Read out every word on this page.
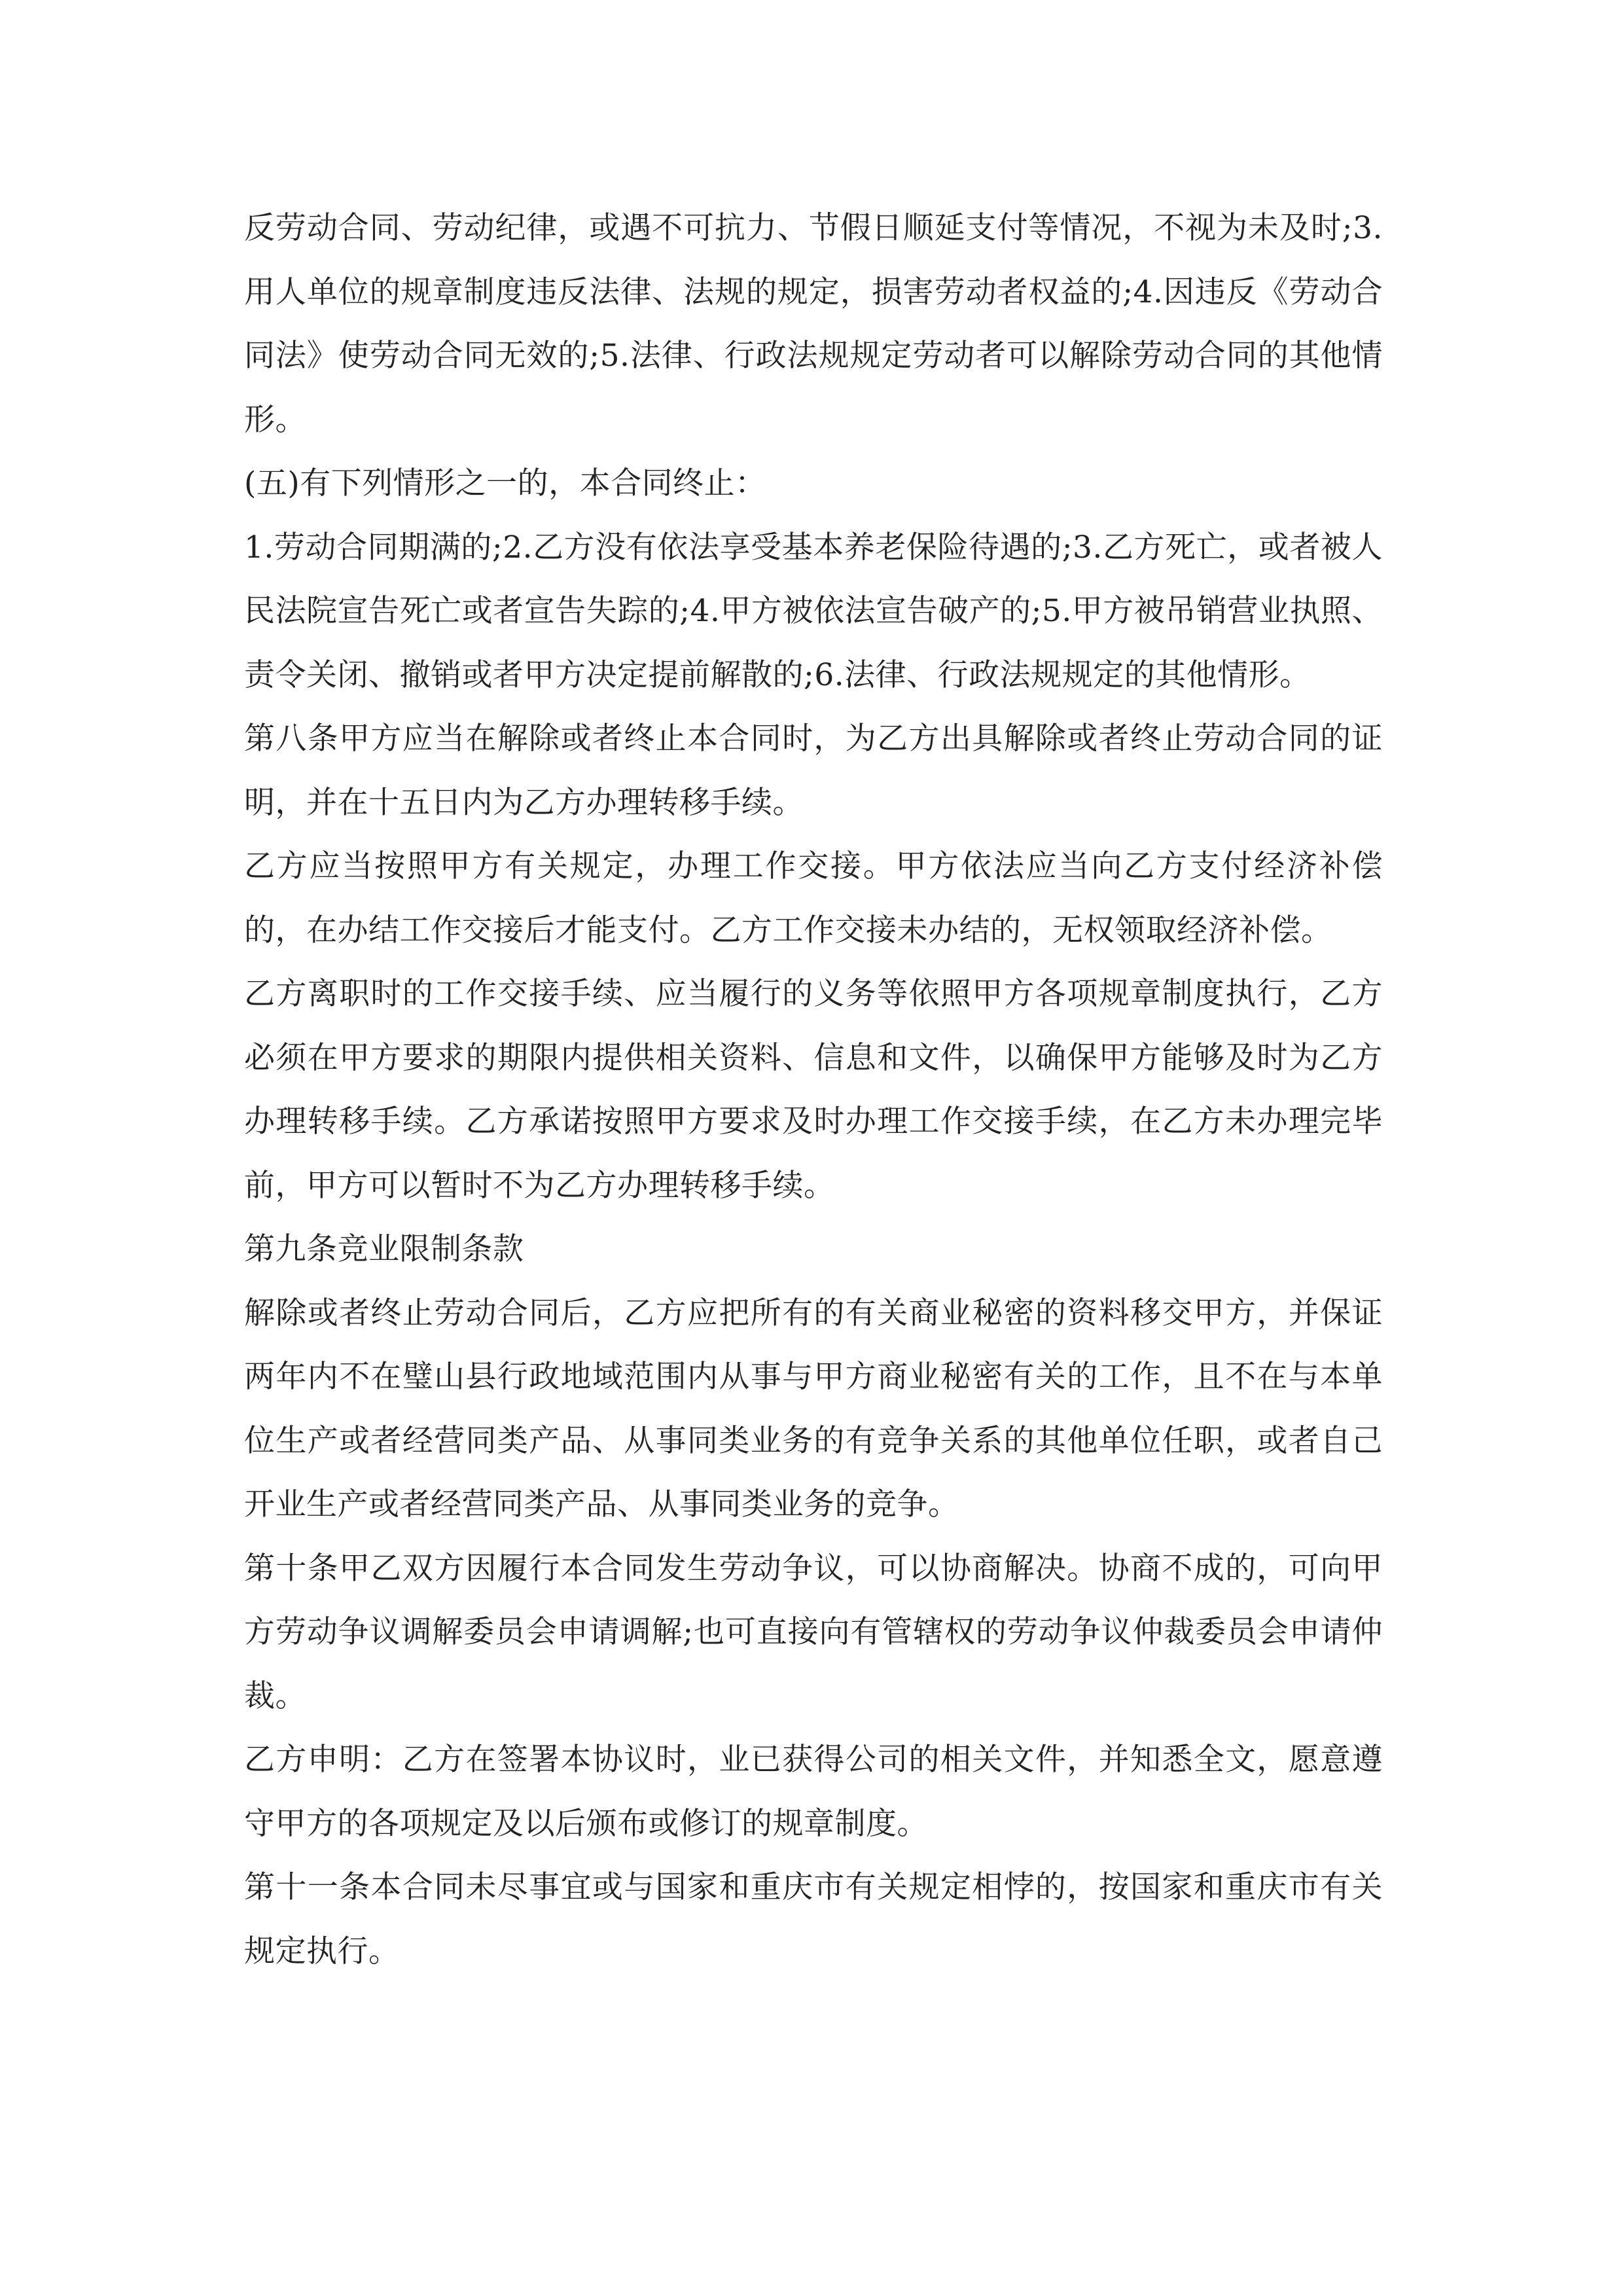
反劳动合同、劳动纪律，或遇不可抗力、节假日顺延支付等情况，不视为未及时;3.用人单位的规章制度违反法律、法规的规定，损害劳动者权益的;4.因违反《劳动合同法》使劳动合同无效的;5.法律、行政法规规定劳动者可以解除劳动合同的其他情形。

(五)有下列情形之一的，本合同终止：

1.劳动合同期满的;2.乙方没有依法享受基本养老保险待遇的;3.乙方死亡，或者被人民法院宣告死亡或者宣告失踪的;4.甲方被依法宣告破产的;5.甲方被吊销营业执照、责令关闭、撤销或者甲方决定提前解散的;6.法律、行政法规规定的其他情形。

第八条甲方应当在解除或者终止本合同时，为乙方出具解除或者终止劳动合同的证明，并在十五日内为乙方办理转移手续。

乙方应当按照甲方有关规定，办理工作交接。甲方依法应当向乙方支付经济补偿的，在办结工作交接后才能支付。乙方工作交接未办结的，无权领取经济补偿。

乙方离职时的工作交接手续、应当履行的义务等依照甲方各项规章制度执行，乙方必须在甲方要求的期限内提供相关资料、信息和文件，以确保甲方能够及时为乙方办理转移手续。乙方承诺按照甲方要求及时办理工作交接手续，在乙方未办理完毕前，甲方可以暂时不为乙方办理转移手续。

第九条竞业限制条款

解除或者终止劳动合同后，乙方应把所有的有关商业秘密的资料移交甲方，并保证两年内不在璧山县行政地域范围内从事与甲方商业秘密有关的工作，且不在与本单位生产或者经营同类产品、从事同类业务的有竞争关系的其他单位任职，或者自己开业生产或者经营同类产品、从事同类业务的竞争。

第十条甲乙双方因履行本合同发生劳动争议，可以协商解决。协商不成的，可向甲方劳动争议调解委员会申请调解;也可直接向有管辖权的劳动争议仲裁委员会申请仲裁。

乙方申明：乙方在签署本协议时，业已获得公司的相关文件，并知悉全文，愿意遵守甲方的各项规定及以后颁布或修订的规章制度。

第十一条本合同未尽事宜或与国家和重庆市有关规定相悖的，按国家和重庆市有关规定执行。
